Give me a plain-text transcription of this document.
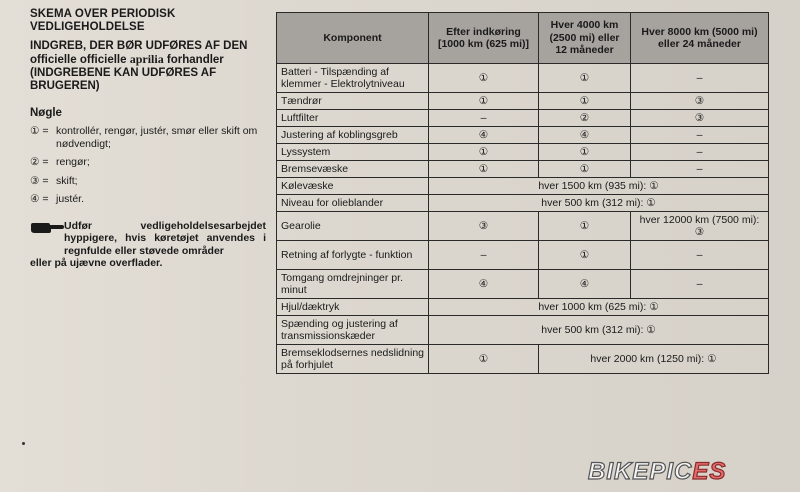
SKEMA OVER PERIODISK VEDLIGEHOLDELSE
INDGREB, DER BØR UDFØRES AF DEN officielle officielle aprilia forhandler (INDGREBENE KAN UDFØRES AF BRUGEREN)
Nøgle
① = kontrollér, rengør, justér, smør eller skift om nødvendigt;
② = rengør;
③ = skift;
④ = justér.
Udfør vedligeholdelsesarbejdet hyppigere, hvis køretøjet anvendes i regnfulde eller støvede områder
eller på ujævne overflader.
Komponent	Efter indkøring [1000 km (625 mi)]	Hver 4000 km (2500 mi) eller 12 måneder	Hver 8000 km (5000 mi) eller 24 måneder
Batteri - Tilspænding af klemmer - Elektrolytniveau	①	①	–
Tændrør	①	①	③
Luftfilter	–	②	③
Justering af koblingsgreb	④	④	–
Lyssystem	①	①	–
Bremsevæske	①	①	–
Kølevæske	hver 1500 km (935 mi): ①		
Niveau for olieblander	hver 500 km (312 mi): ①		
Gearolie	③	①	hver 12000 km (7500 mi): ③
Retning af forlygte - funktion	–	①	–
Tomgang omdrejninger pr. minut	④	④	–
Hjul/dæktryk	hver 1000 km (625 mi): ①		
Spænding og justering af transmissionskæder	hver 500 km (312 mi): ①		
Bremseklodsernes nedslidning på forhjulet	①	hver 2000 km (1250 mi): ①	
BIKEPICES
